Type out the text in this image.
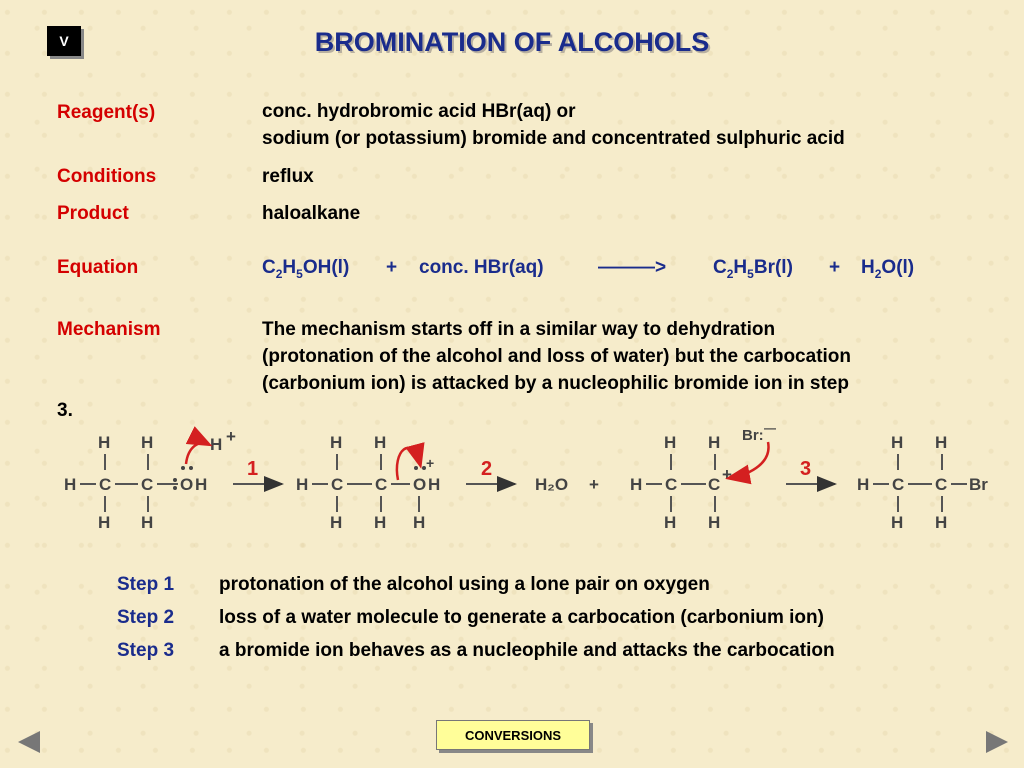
V	BROMINATION OF ALCOHOLS
Reagent(s)	conc. hydrobromic acid HBr(aq) or
sodium (or potassium) bromide and concentrated sulphuric acid
Conditions	reflux
Product	haloalkane
Equation	$C_2H_5OH(l)$ + conc. HBr(aq)	———> $C_2H_5Br(l) + H_2O(l)$
Mechanism	The mechanism starts off in a similar way to dehydration
(protonation of the alcohol and loss of water) but the carbocation
(carbonium ion) is attacked by a nucleophilic bromide ion in step
3.
H C C O H
H H
H H
H +
1
H C C O H
H H
H H H
+ 2
H₂O + H C C
+
H H
H H
Br: —
3
H C C Br
H H
H H
Step 1 protonation of the alcohol using a lone pair on oxygen
Step 2 loss of a water molecule to generate a carbocation (carbonium ion)
Step 3 a bromide ion behaves as a nucleophile and attacks the carbocation
CONVERSIONS
